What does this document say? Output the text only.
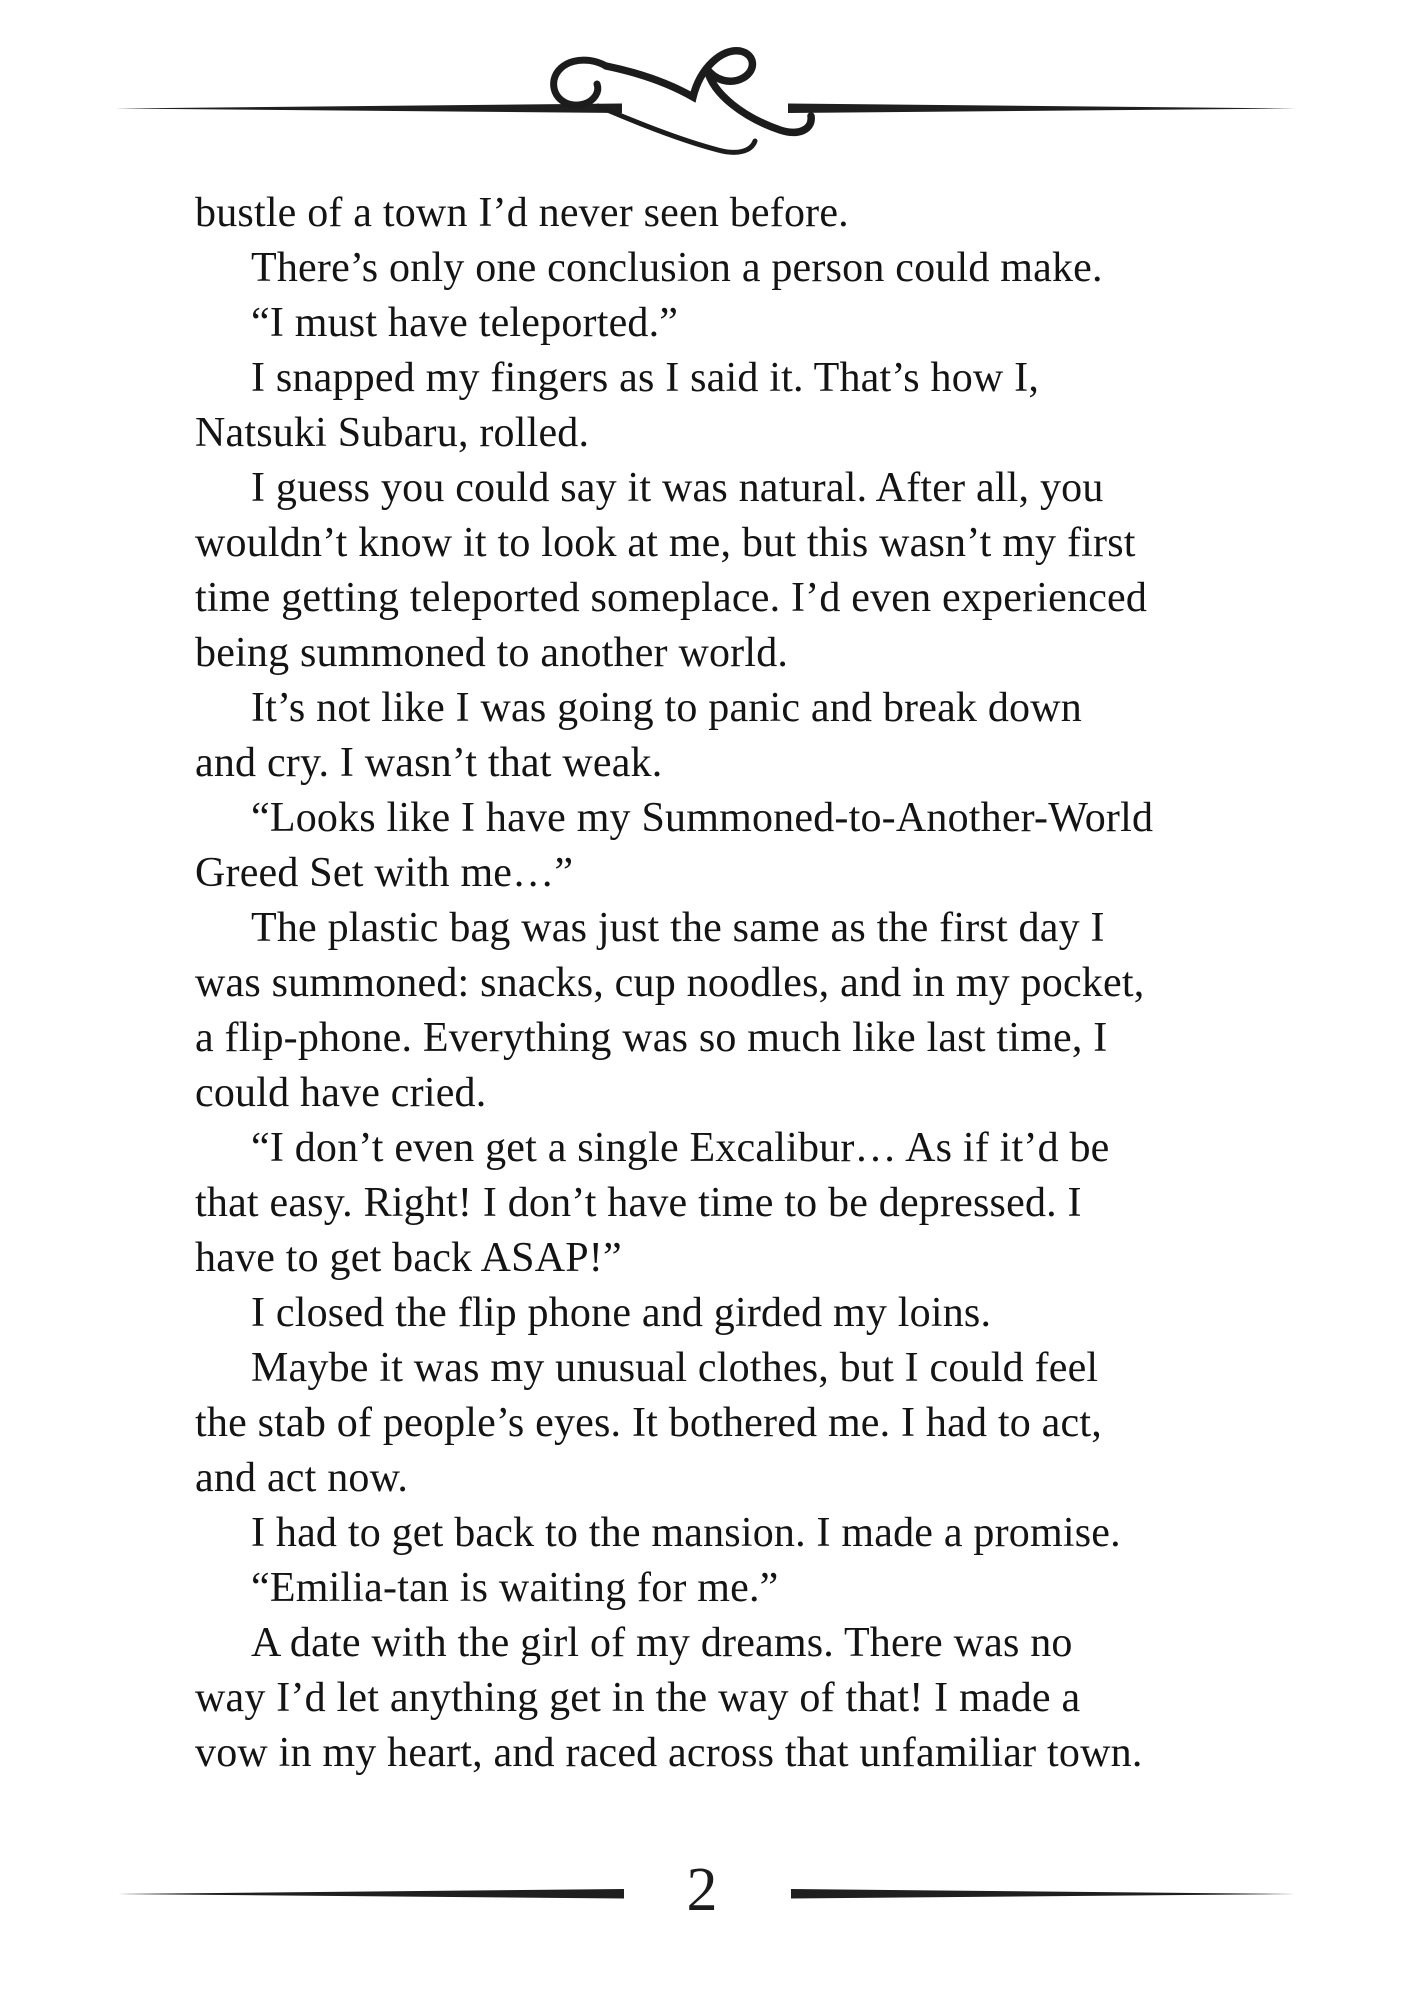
bustle of a town I’d never seen before.
There’s only one conclusion a person could make.
“I must have teleported.”
I snapped my fingers as I said it. That’s how I,
Natsuki Subaru, rolled.
I guess you could say it was natural. After all, you
wouldn’t know it to look at me, but this wasn’t my first
time getting teleported someplace. I’d even experienced
being summoned to another world.
It’s not like I was going to panic and break down
and cry. I wasn’t that weak.
“Looks like I have my Summoned-to-Another-World
Greed Set with me…”
The plastic bag was just the same as the first day I
was summoned: snacks, cup noodles, and in my pocket,
a flip-phone. Everything was so much like last time, I
could have cried.
“I don’t even get a single Excalibur… As if it’d be
that easy. Right! I don’t have time to be depressed. I
have to get back ASAP!”
I closed the flip phone and girded my loins.
Maybe it was my unusual clothes, but I could feel
the stab of people’s eyes. It bothered me. I had to act,
and act now.
I had to get back to the mansion. I made a promise.
“Emilia-tan is waiting for me.”
A date with the girl of my dreams. There was no
way I’d let anything get in the way of that! I made a
vow in my heart, and raced across that unfamiliar town.
2
